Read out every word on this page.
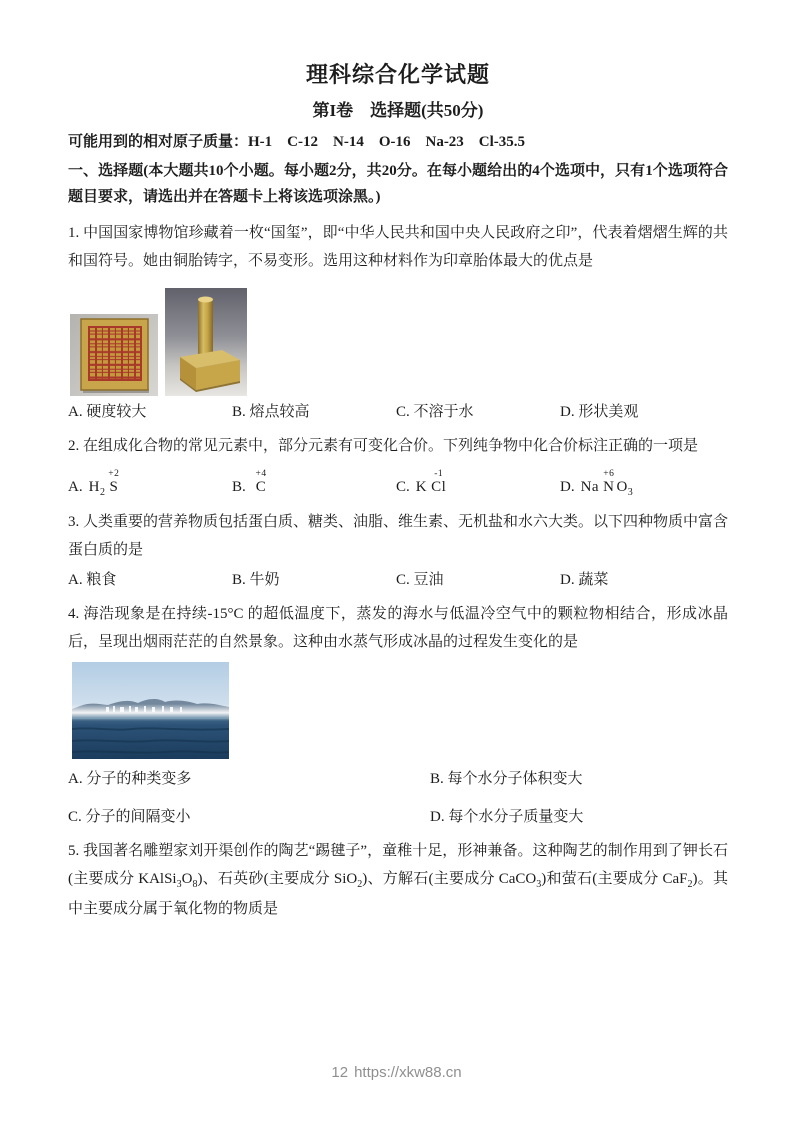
理科综合化学试题
第I卷　选择题(共50分)

可能用到的相对原子质量：H-1　C-12　N-14　O-16　Na-23　Cl-35.5

一、选择题(本大题共10个小题。每小题2分，共20分。在每小题给出的4个选项中，只有1个选项符合题目要求，请选出并在答题卡上将该选项涂黑。)

1. 中国国家博物馆珍藏着一枚“国玺”，即“中华人民共和国中央人民政府之印”，代表着熠熠生辉的共和国符号。她由铜胎铸字，不易变形。选用这种材料作为印章胎体最大的优点是

A. 硬度较大	B. 熔点较高	C. 不溶于水	D. 形状美观

2. 在组成化合物的常见元素中，部分元素有可变化合价。下列纯争物中化合价标注正确的一项是

A. $H_2$
+2
S	B.
+4
C	C. K
-1
Cl	D. Na
+6
N $O_3$

3. 人类重要的营养物质包括蛋白质、糖类、油脂、维生素、无机盐和水六大类。以下四种物质中富含蛋白质的是

A. 粮食	B. 牛奶	C. 豆油	D. 蔬菜

4. 海浩现象是在持续-15°C 的超低温度下，蒸发的海水与低温冷空气中的颗粒物相结合，形成冰晶后，呈现出烟雨茫茫的自然景象。这种由水蒸气形成冰晶的过程发生变化的是

A. 分子的种类变多	B. 每个水分子体积变大
C. 分子的间隔变小	D. 每个水分子质量变大

5. 我国著名雕塑家刘开渠创作的陶艺“踢毽子”，童稚十足，形神兼备。这种陶艺的制作用到了钾长石(主要成分 $KAlSi_3O_8$)、石英砂(主要成分 SiO$_2$)、方解石(主要成分 CaCO$_3$)和萤石(主要成分 CaF$_2$)。其中主要成分属于氧化物的物质是

12 https://xkw88.cn
